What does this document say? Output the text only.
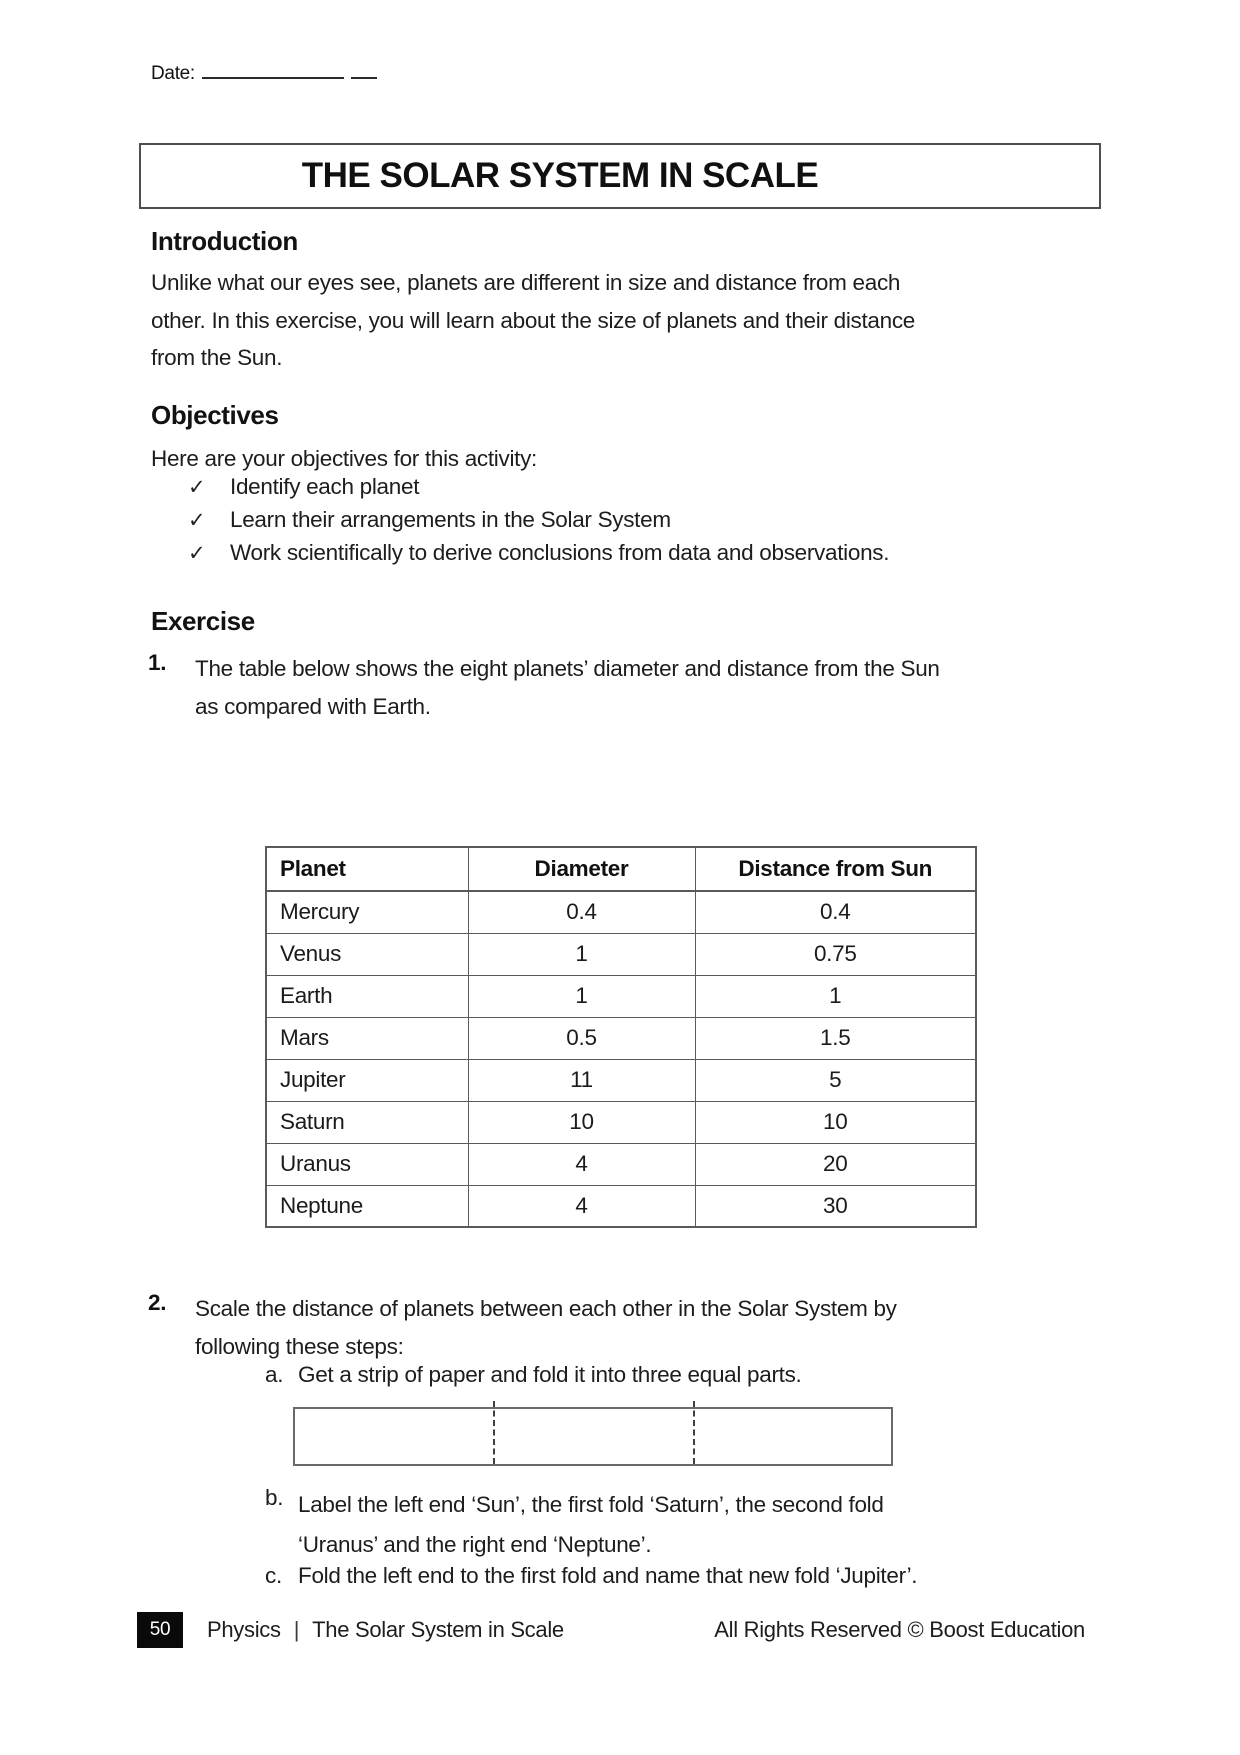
Date:
THE SOLAR SYSTEM IN SCALE
Introduction
Unlike what our eyes see, planets are different in size and distance from each
other. In this exercise, you will learn about the size of planets and their distance
from the Sun.
Objectives
Here are your objectives for this activity:
✓	Identify each planet
✓	Learn their arrangements in the Solar System
✓	Work scientifically to derive conclusions from data and observations.
Exercise
1. The table below shows the eight planets’ diameter and distance from the Sun
as compared with Earth.
Planet	Diameter	Distance from Sun
Mercury	0.4	0.4
Venus	1	0.75
Earth	1	1
Mars	0.5	1.5
Jupiter	11	5
Saturn	10	10
Uranus	4	20
Neptune	4	30
2. Scale the distance of planets between each other in the Solar System by
following these steps:
a. Get a strip of paper and fold it into three equal parts.
b. Label the left end ‘Sun’, the first fold ‘Saturn’, the second fold
‘Uranus’ and the right end ‘Neptune’.
c. Fold the left end to the first fold and name that new fold ‘Jupiter’.
50	Physics | The Solar System in Scale	All Rights Reserved © Boost Education
